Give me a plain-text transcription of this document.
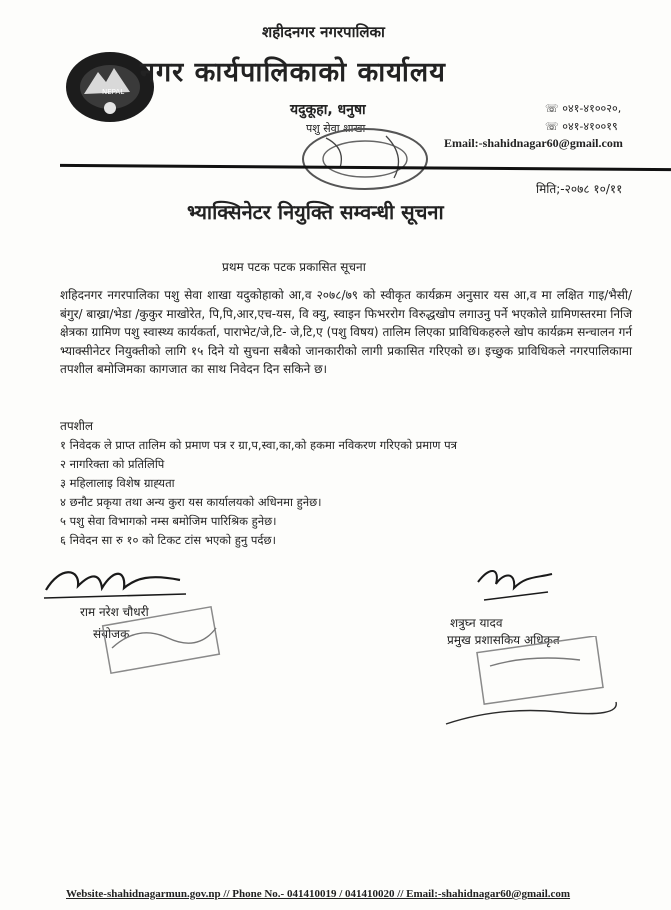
NEPAL
शहीदनगर नगरपालिका
नगर कार्यपालिकाको कार्यालय
यदुकूहा, धनुषा
पशु सेवा शाखा
☏ ०४१-४१००२०,
☏ ०४१-४१००१९
Email:-shahidnagar60@gmail.com
मिति;-२०७८ १०/११
भ्याक्सिनेटर नियुक्ति सम्वन्धी सूचना
प्रथम पटक पटक प्रकासित सूचना
शहिदनगर नगरपालिका पशु सेवा शाखा यदुकोहाको आ,व २०७८/७९ को स्वीकृत कार्यक्रम अनुसार यस आ,व मा लक्षित गाइ/भैसी/ बंगुर/ बाख्रा/भेडा /कुकुर माखोरेत, पि,पि,आर,एच-यस, वि क्यु, स्वाइन फिभररोग विरुद्धखोप लगाउनु पर्ने भएकोले ग्रामिणस्तरमा निजि क्षेत्रका ग्रामिण पशु स्वास्थ्य कार्यकर्ता, पाराभेट/जे,टि- जे,टि,ए (पशु विषय) तालिम लिएका प्राविधिकहरुले खोप कार्यक्रम सन्चालन गर्न भ्याक्सीनेटर नियुक्तीको लागि १५ दिने यो सुचना सबैको जानकारीको लागी प्रकासित गरिएको छ। इच्छुक प्राविधिकले नगरपालिकामा तपशील बमोजिमका कागजात का साथ निवेदन दिन सकिने छ।
तपशील
१ निवेदक ले प्राप्त तालिम को प्रमाण पत्र र ग्रा,प,स्वा,का,को हकमा नविकरण गरिएको प्रमाण पत्र
२ नागरिक्ता को प्रतिलिपि
३ महिलालाइ विशेष ग्राह्‍यता
४ छनौट प्रकृया तथा अन्य कुरा यस कार्यालयको अधिनमा हुनेछ।
५ पशु सेवा विभागको नम्स बमोजिम पारिश्रिक हुनेछ।
६ निवेदन सा रु १० को टिकट टांस भएको हुनु पर्दछ।
राम नरेश चौधरी
संयोजक
शत्रुघ्न यादव
प्रमुख प्रशासकिय अधिकृत
Website-shahidnagarmun.gov.np // Phone No.- 041410019 / 041410020 // Email:-shahidnagar60@gmail.com
